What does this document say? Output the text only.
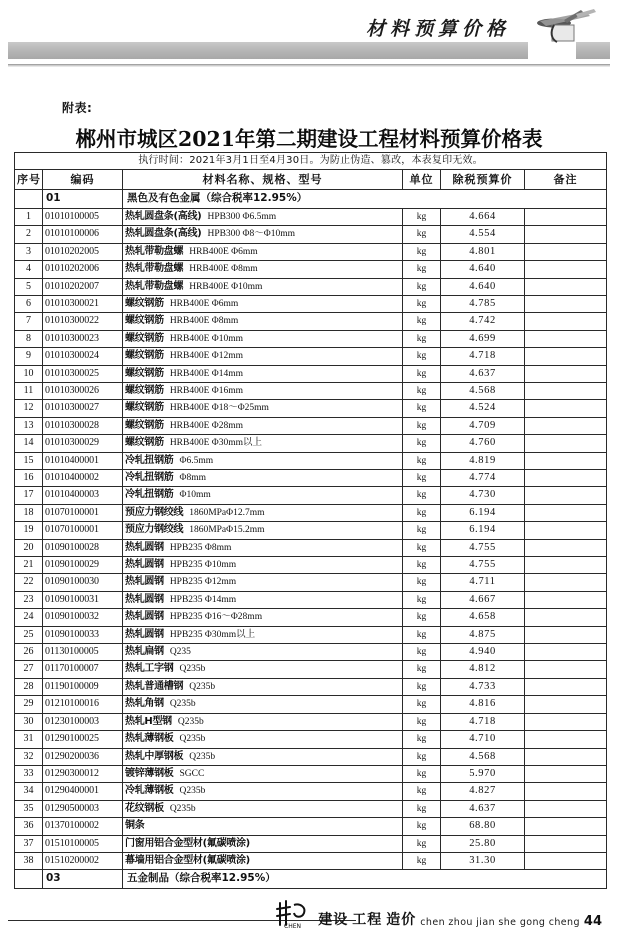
材料预算价格
附表:
郴州市城区2021年第二期建设工程材料预算价格表
执行时间：2021年3月1日至4月30日。为防止伪造、篡改，本表复印无效。					
序号	编码	材料名称、规格、型号	单位	除税预算价	备注
	01	黑色及有色金属（综合税率12.95%）			
1	01010100005	热轧圆盘条(高线) HPB300 Φ6.5mm	kg	4.664	
2	01010100006	热轧圆盘条(高线) HPB300 Φ8～Φ10mm	kg	4.554	
3	01010202005	热轧带勒盘螺 HRB400E Φ6mm	kg	4.801	
4	01010202006	热轧带勒盘螺 HRB400E Φ8mm	kg	4.640	
5	01010202007	热轧带勒盘螺 HRB400E Φ10mm	kg	4.640	
6	01010300021	螺纹钢筋 HRB400E Φ6mm	kg	4.785	
7	01010300022	螺纹钢筋 HRB400E Φ8mm	kg	4.742	
8	01010300023	螺纹钢筋 HRB400E Φ10mm	kg	4.699	
9	01010300024	螺纹钢筋 HRB400E Φ12mm	kg	4.718	
10	01010300025	螺纹钢筋 HRB400E Φ14mm	kg	4.637	
11	01010300026	螺纹钢筋 HRB400E Φ16mm	kg	4.568	
12	01010300027	螺纹钢筋 HRB400E Φ18～Φ25mm	kg	4.524	
13	01010300028	螺纹钢筋 HRB400E Φ28mm	kg	4.709	
14	01010300029	螺纹钢筋 HRB400E Φ30mm以上	kg	4.760	
15	01010400001	冷轧扭钢筋 Φ6.5mm	kg	4.819	
16	01010400002	冷轧扭钢筋 Φ8mm	kg	4.774	
17	01010400003	冷轧扭钢筋 Φ10mm	kg	4.730	
18	01070100001	预应力钢绞线 1860MPaΦ12.7mm	kg	6.194	
19	01070100001	预应力钢绞线 1860MPaΦ15.2mm	kg	6.194	
20	01090100028	热轧圆钢 HPB235 Φ8mm	kg	4.755	
21	01090100029	热轧圆钢 HPB235 Φ10mm	kg	4.755	
22	01090100030	热轧圆钢 HPB235 Φ12mm	kg	4.711	
23	01090100031	热轧圆钢 HPB235 Φ14mm	kg	4.667	
24	01090100032	热轧圆钢 HPB235 Φ16～Φ28mm	kg	4.658	
25	01090100033	热轧圆钢 HPB235 Φ30mm以上	kg	4.875	
26	01130100005	热轧扁钢 Q235	kg	4.940	
27	01170100007	热轧工字钢 Q235b	kg	4.812	
28	01190100009	热轧普通槽钢 Q235b	kg	4.733	
29	01210100016	热轧角钢 Q235b	kg	4.816	
30	01230100003	热轧H型钢 Q235b	kg	4.718	
31	01290100025	热轧薄钢板 Q235b	kg	4.710	
32	01290200036	热轧中厚钢板 Q235b	kg	4.568	
33	01290300012	镀锌薄钢板 SGCC	kg	5.970	
34	01290400001	冷轧薄钢板 Q235b	kg	4.827	
35	01290500003	花纹钢板 Q235b	kg	4.637	
36	01370100002	铜条	kg	68.80	
37	01510100005	门窗用铝合金型材(氟碳喷涂)	kg	25.80	
38	01510200002	幕墙用铝合金型材(氟碳喷涂)	kg	31.30	
	03	五金制品（综合税率12.95%）			
CHEN 建设 工程 造价 chen zhou jian she gong cheng 44
